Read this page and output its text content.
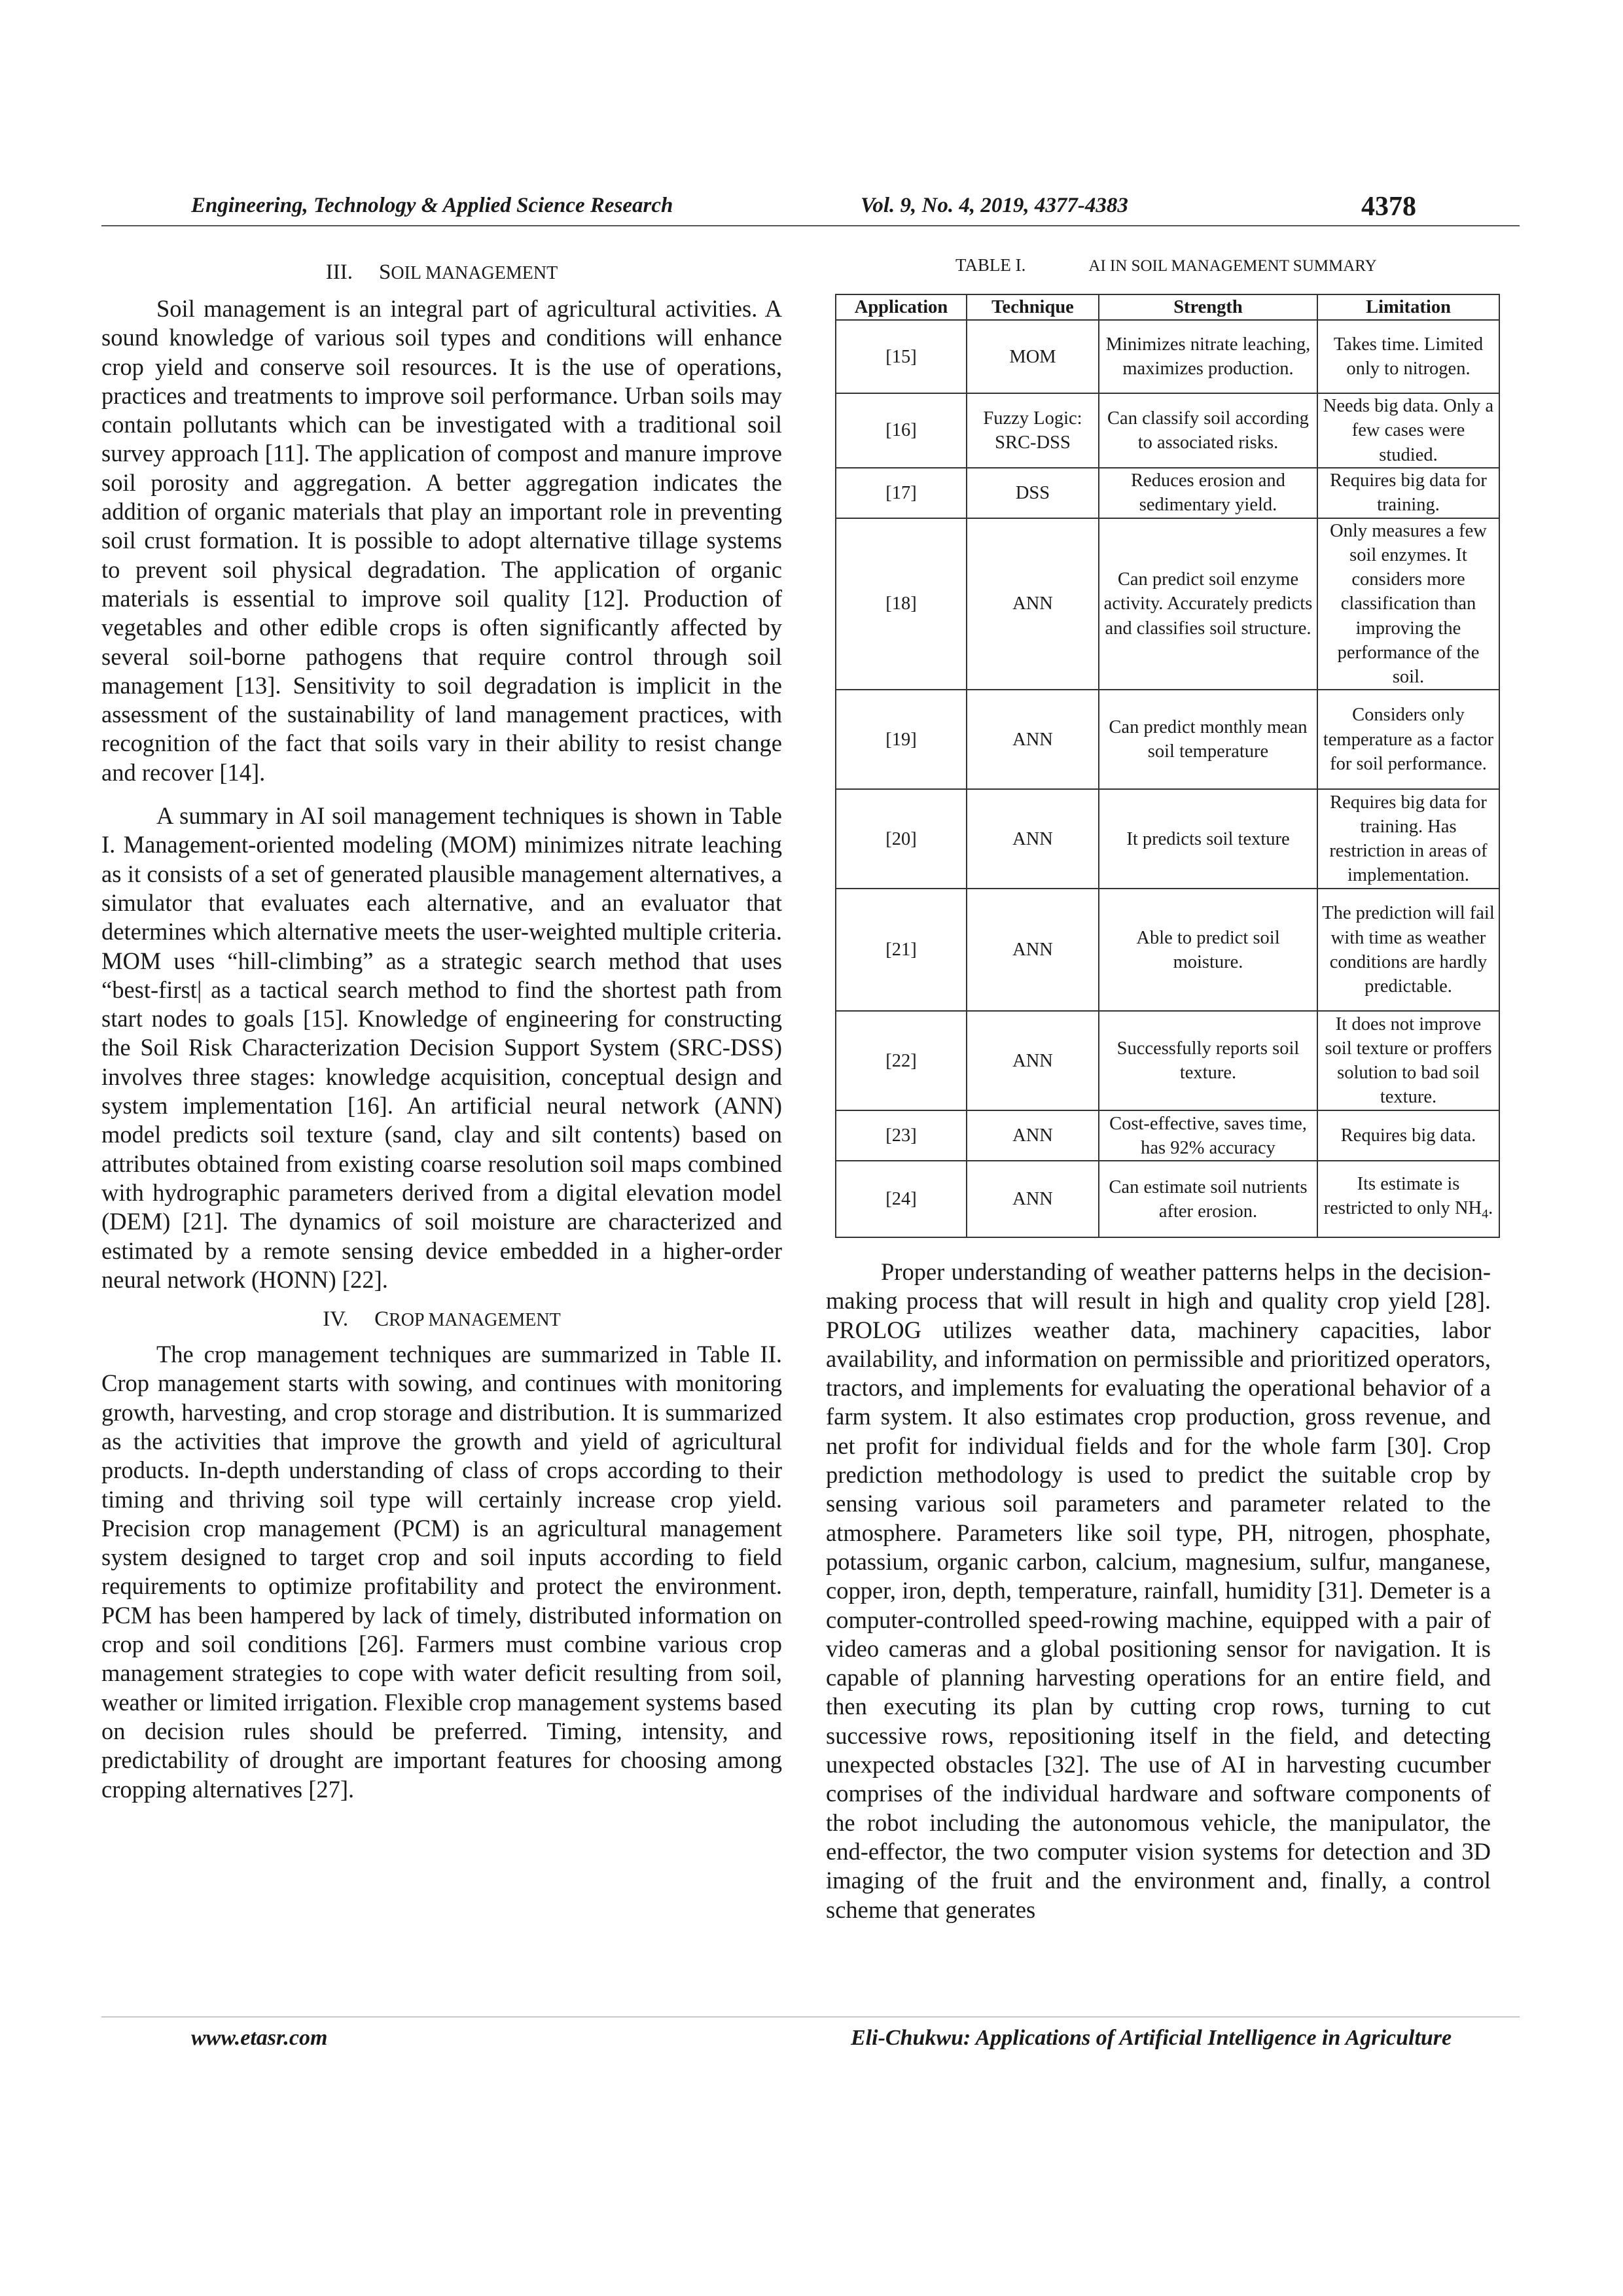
Engineering, Technology & Applied Science Research	Vol. 9, No. 4, 2019, 4377-4383	4378
III. SOIL MANAGEMENT

Soil management is an integral part of agricultural activities. A sound knowledge of various soil types and conditions will enhance crop yield and conserve soil resources. It is the use of operations, practices and treatments to improve soil performance. Urban soils may contain pollutants which can be investigated with a traditional soil survey approach [11]. The application of compost and manure improve soil porosity and aggregation. A better aggregation indicates the addition of organic materials that play an important role in preventing soil crust formation. It is possible to adopt alternative tillage systems to prevent soil physical degradation. The application of organic materials is essential to improve soil quality [12]. Production of vegetables and other edible crops is often significantly affected by several soil-borne pathogens that require control through soil management [13]. Sensitivity to soil degradation is implicit in the assessment of the sustainability of land management practices, with recognition of the fact that soils vary in their ability to resist change and recover [14].

A summary in AI soil management techniques is shown in Table I. Management-oriented modeling (MOM) minimizes nitrate leaching as it consists of a set of generated plausible management alternatives, a simulator that evaluates each alternative, and an evaluator that determines which alternative meets the user-weighted multiple criteria. MOM uses “hill-climbing” as a strategic search method that uses “best-first| as a tactical search method to find the shortest path from start nodes to goals [15]. Knowledge of engineering for constructing the Soil Risk Characterization Decision Support System (SRC-DSS) involves three stages: knowledge acquisition, conceptual design and system implementation [16]. An artificial neural network (ANN) model predicts soil texture (sand, clay and silt contents) based on attributes obtained from existing coarse resolution soil maps combined with hydrographic parameters derived from a digital elevation model (DEM) [21]. The dynamics of soil moisture are characterized and estimated by a remote sensing device embedded in a higher-order neural network (HONN) [22].

IV. CROP MANAGEMENT

The crop management techniques are summarized in Table II. Crop management starts with sowing, and continues with monitoring growth, harvesting, and crop storage and distribution. It is summarized as the activities that improve the growth and yield of agricultural products. In-depth understanding of class of crops according to their timing and thriving soil type will certainly increase crop yield. Precision crop management (PCM) is an agricultural management system designed to target crop and soil inputs according to field requirements to optimize profitability and protect the environment. PCM has been hampered by lack of timely, distributed information on crop and soil conditions [26]. Farmers must combine various crop management strategies to cope with water deficit resulting from soil, weather or limited irrigation. Flexible crop management systems based on decision rules should be preferred. Timing, intensity, and predictability of drought are important features for choosing among cropping alternatives [27].

TABLE I.	AI IN SOIL MANAGEMENT SUMMARY
Application	Technique	Strength	Limitation
[15]	MOM	Minimizes nitrate leaching, maximizes production.	Takes time. Limited only to nitrogen.
[16]	Fuzzy Logic: SRC-DSS	Can classify soil according to associated risks.	Needs big data. Only a few cases were studied.
[17]	DSS	Reduces erosion and sedimentary yield.	Requires big data for training.
[18]	ANN	Can predict soil enzyme activity. Accurately predicts and classifies soil structure.	Only measures a few soil enzymes. It considers more classification than improving the performance of the soil.
[19]	ANN	Can predict monthly mean soil temperature	Considers only temperature as a factor for soil performance.
[20]	ANN	It predicts soil texture	Requires big data for training. Has restriction in areas of implementation.
[21]	ANN	Able to predict soil moisture.	The prediction will fail with time as weather conditions are hardly predictable.
[22]	ANN	Successfully reports soil texture.	It does not improve soil texture or proffers solution to bad soil texture.
[23]	ANN	Cost-effective, saves time, has 92% accuracy	Requires big data.
[24]	ANN	Can estimate soil nutrients after erosion.	Its estimate is restricted to only $NH_4$.

Proper understanding of weather patterns helps in the decision-making process that will result in high and quality crop yield [28]. PROLOG utilizes weather data, machinery capacities, labor availability, and information on permissible and prioritized operators, tractors, and implements for evaluating the operational behavior of a farm system. It also estimates crop production, gross revenue, and net profit for individual fields and for the whole farm [30]. Crop prediction methodology is used to predict the suitable crop by sensing various soil parameters and parameter related to the atmosphere. Parameters like soil type, PH, nitrogen, phosphate, potassium, organic carbon, calcium, magnesium, sulfur, manganese, copper, iron, depth, temperature, rainfall, humidity [31]. Demeter is a computer-controlled speed-rowing machine, equipped with a pair of video cameras and a global positioning sensor for navigation. It is capable of planning harvesting operations for an entire field, and then executing its plan by cutting crop rows, turning to cut successive rows, repositioning itself in the field, and detecting unexpected obstacles [32]. The use of AI in harvesting cucumber comprises of the individual hardware and software components of the robot including the autonomous vehicle, the manipulator, the end-effector, the two computer vision systems for detection and 3D imaging of the fruit and the environment and, finally, a control scheme that generates

www.etasr.com	Eli-Chukwu: Applications of Artificial Intelligence in Agriculture
